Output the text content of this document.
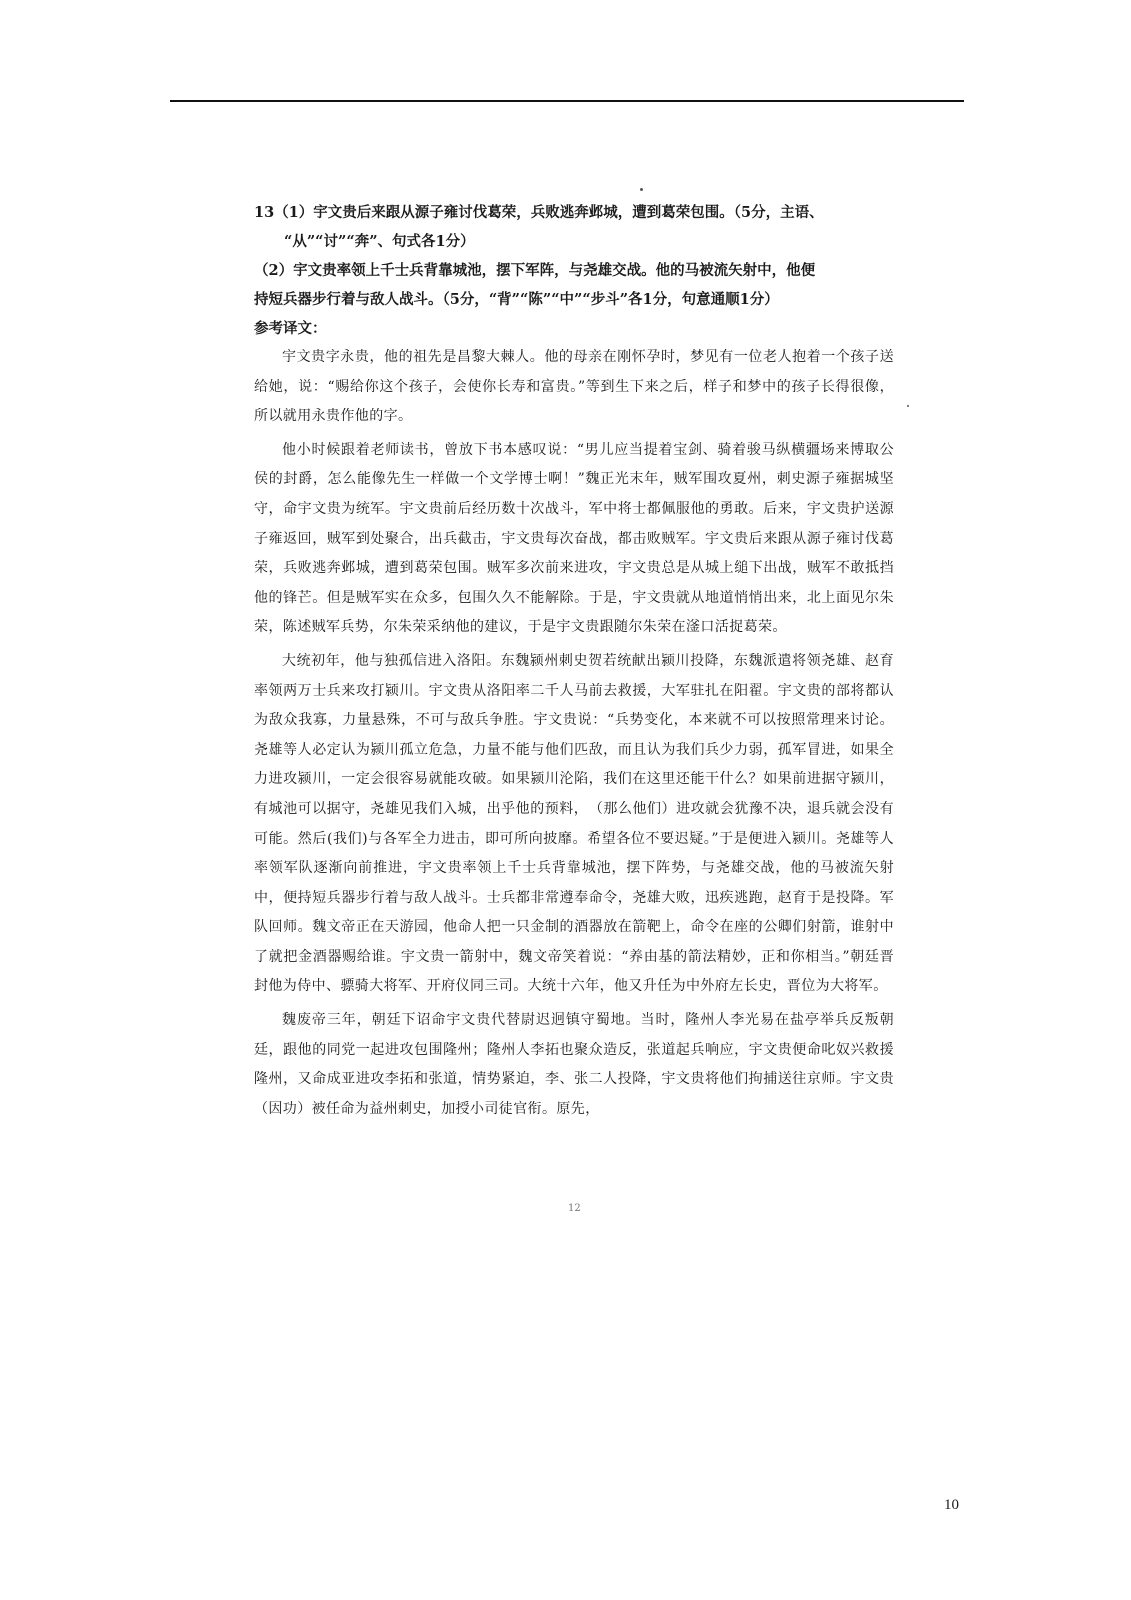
13（1）宇文贵后来跟从源子雍讨伐葛荣，兵败逃奔邺城，遭到葛荣包围。（5分，主语、

“从”“讨”“奔”、句式各1分）

（2）宇文贵率领上千士兵背靠城池，摆下军阵，与尧雄交战。他的马被流矢射中，他便

持短兵器步行着与敌人战斗。（5分，“背”“陈”“中”“步斗”各1分，句意通顺1分）

参考译文：

宇文贵字永贵，他的祖先是昌黎大棘人。他的母亲在刚怀孕时，梦见有一位老人抱着一个孩子送给她，说：“赐给你这个孩子，会使你长寿和富贵。”等到生下来之后，样子和梦中的孩子长得很像，所以就用永贵作他的字。

他小时候跟着老师读书，曾放下书本感叹说：“男儿应当提着宝剑、骑着骏马纵横疆场来博取公侯的封爵，怎么能像先生一样做一个文学博士啊！”魏正光末年，贼军围攻夏州，刺史源子雍据城坚守，命宇文贵为统军。宇文贵前后经历数十次战斗，军中将士都佩服他的勇敢。后来，宇文贵护送源子雍返回，贼军到处聚合，出兵截击，宇文贵每次奋战，都击败贼军。宇文贵后来跟从源子雍讨伐葛荣，兵败逃奔邺城，遭到葛荣包围。贼军多次前来进攻，宇文贵总是从城上缒下出战，贼军不敢抵挡他的锋芒。但是贼军实在众多，包围久久不能解除。于是，宇文贵就从地道悄悄出来，北上面见尔朱荣，陈述贼军兵势，尔朱荣采纳他的建议，于是宇文贵跟随尔朱荣在滏口活捉葛荣。

大统初年，他与独孤信进入洛阳。东魏颍州刺史贺若统献出颍川投降，东魏派遣将领尧雄、赵育率领两万士兵来攻打颍川。宇文贵从洛阳率二千人马前去救援，大军驻扎在阳翟。宇文贵的部将都认为敌众我寡，力量悬殊，不可与敌兵争胜。宇文贵说：“兵势变化，本来就不可以按照常理来讨论。尧雄等人必定认为颍川孤立危急，力量不能与他们匹敌，而且认为我们兵少力弱，孤军冒进，如果全力进攻颍川，一定会很容易就能攻破。如果颍川沦陷，我们在这里还能干什么？如果前进据守颍川，有城池可以据守，尧雄见我们入城，出乎他的预料，　（那么他们）进攻就会犹豫不决，退兵就会没有可能。然后(我们)与各军全力进击，即可所向披靡。希望各位不要迟疑。”于是便进入颍川。尧雄等人率领军队逐渐向前推进，宇文贵率领上千士兵背靠城池，摆下阵势，与尧雄交战，他的马被流矢射中，便持短兵器步行着与敌人战斗。士兵都非常遵奉命令，尧雄大败，迅疾逃跑，赵育于是投降。军队回师。魏文帝正在天游园，他命人把一只金制的酒器放在箭靶上，命令在座的公卿们射箭，谁射中了就把金酒器赐给谁。宇文贵一箭射中，魏文帝笑着说：“养由基的箭法精妙，正和你相当。”朝廷晋封他为侍中、骠骑大将军、开府仪同三司。大统十六年，他又升任为中外府左长史，晋位为大将军。

魏废帝三年，朝廷下诏命宇文贵代替尉迟迥镇守蜀地。当时，隆州人李光易在盐亭举兵反叛朝廷，跟他的同党一起进攻包围隆州；隆州人李拓也聚众造反，张道起兵响应，宇文贵便命叱奴兴救援隆州，又命成亚进攻李拓和张道，情势紧迫，李、张二人投降，宇文贵将他们拘捕送往京师。宇文贵（因功）被任命为益州刺史，加授小司徒官衔。原先，

12
10
